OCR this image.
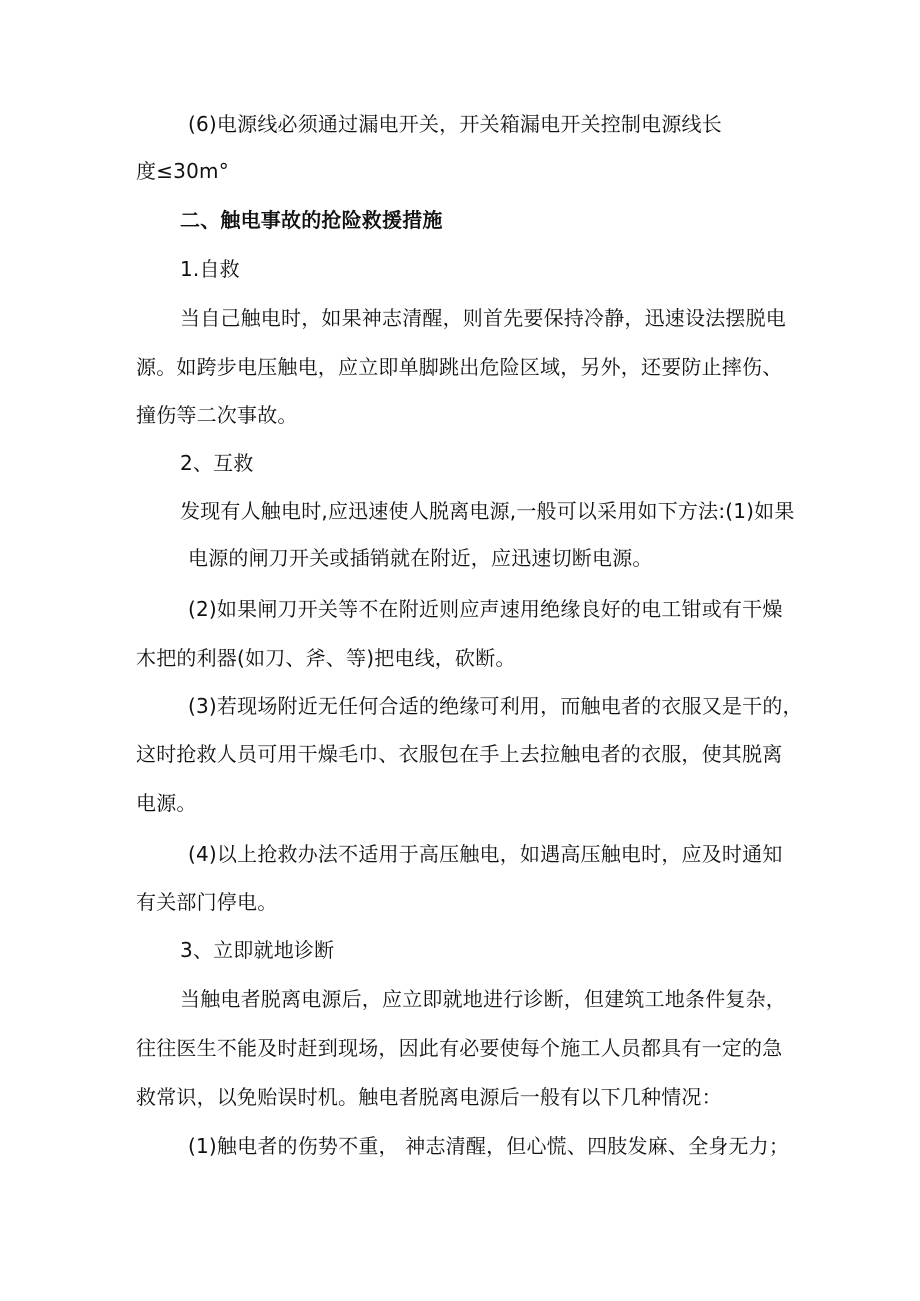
(6)电源线必须通过漏电开关，开关箱漏电开关控制电源线长
度≤30m°
二、触电事故的抢险救援措施
1.自救
当自己触电时，如果神志清醒，则首先要保持冷静，迅速设法摆脱电
源。如跨步电压触电，应立即单脚跳出危险区域，另外，还要防止摔伤、
撞伤等二次事故。
2、互救
发现有人触电时,应迅速使人脱离电源,一般可以采用如下方法:(1)如果
电源的闸刀开关或插销就在附近，应迅速切断电源。
(2)如果闸刀开关等不在附近则应声速用绝缘良好的电工钳或有干燥
木把的利器(如刀、斧、等)把电线，砍断。
(3)若现场附近无任何合适的绝缘可利用，而触电者的衣服又是干的，
这时抢救人员可用干燥毛巾、衣服包在手上去拉触电者的衣服，使其脱离
电源。
(4)以上抢救办法不适用于高压触电，如遇高压触电时，应及时通知
有关部门停电。
3、立即就地诊断
当触电者脱离电源后，应立即就地进行诊断，但建筑工地条件复杂，
往往医生不能及时赶到现场，因此有必要使每个施工人员都具有一定的急
救常识，以免贻误时机。触电者脱离电源后一般有以下几种情况：
(1)触电者的伤势不重， 神志清醒，但心慌、四肢发麻、全身无力；
